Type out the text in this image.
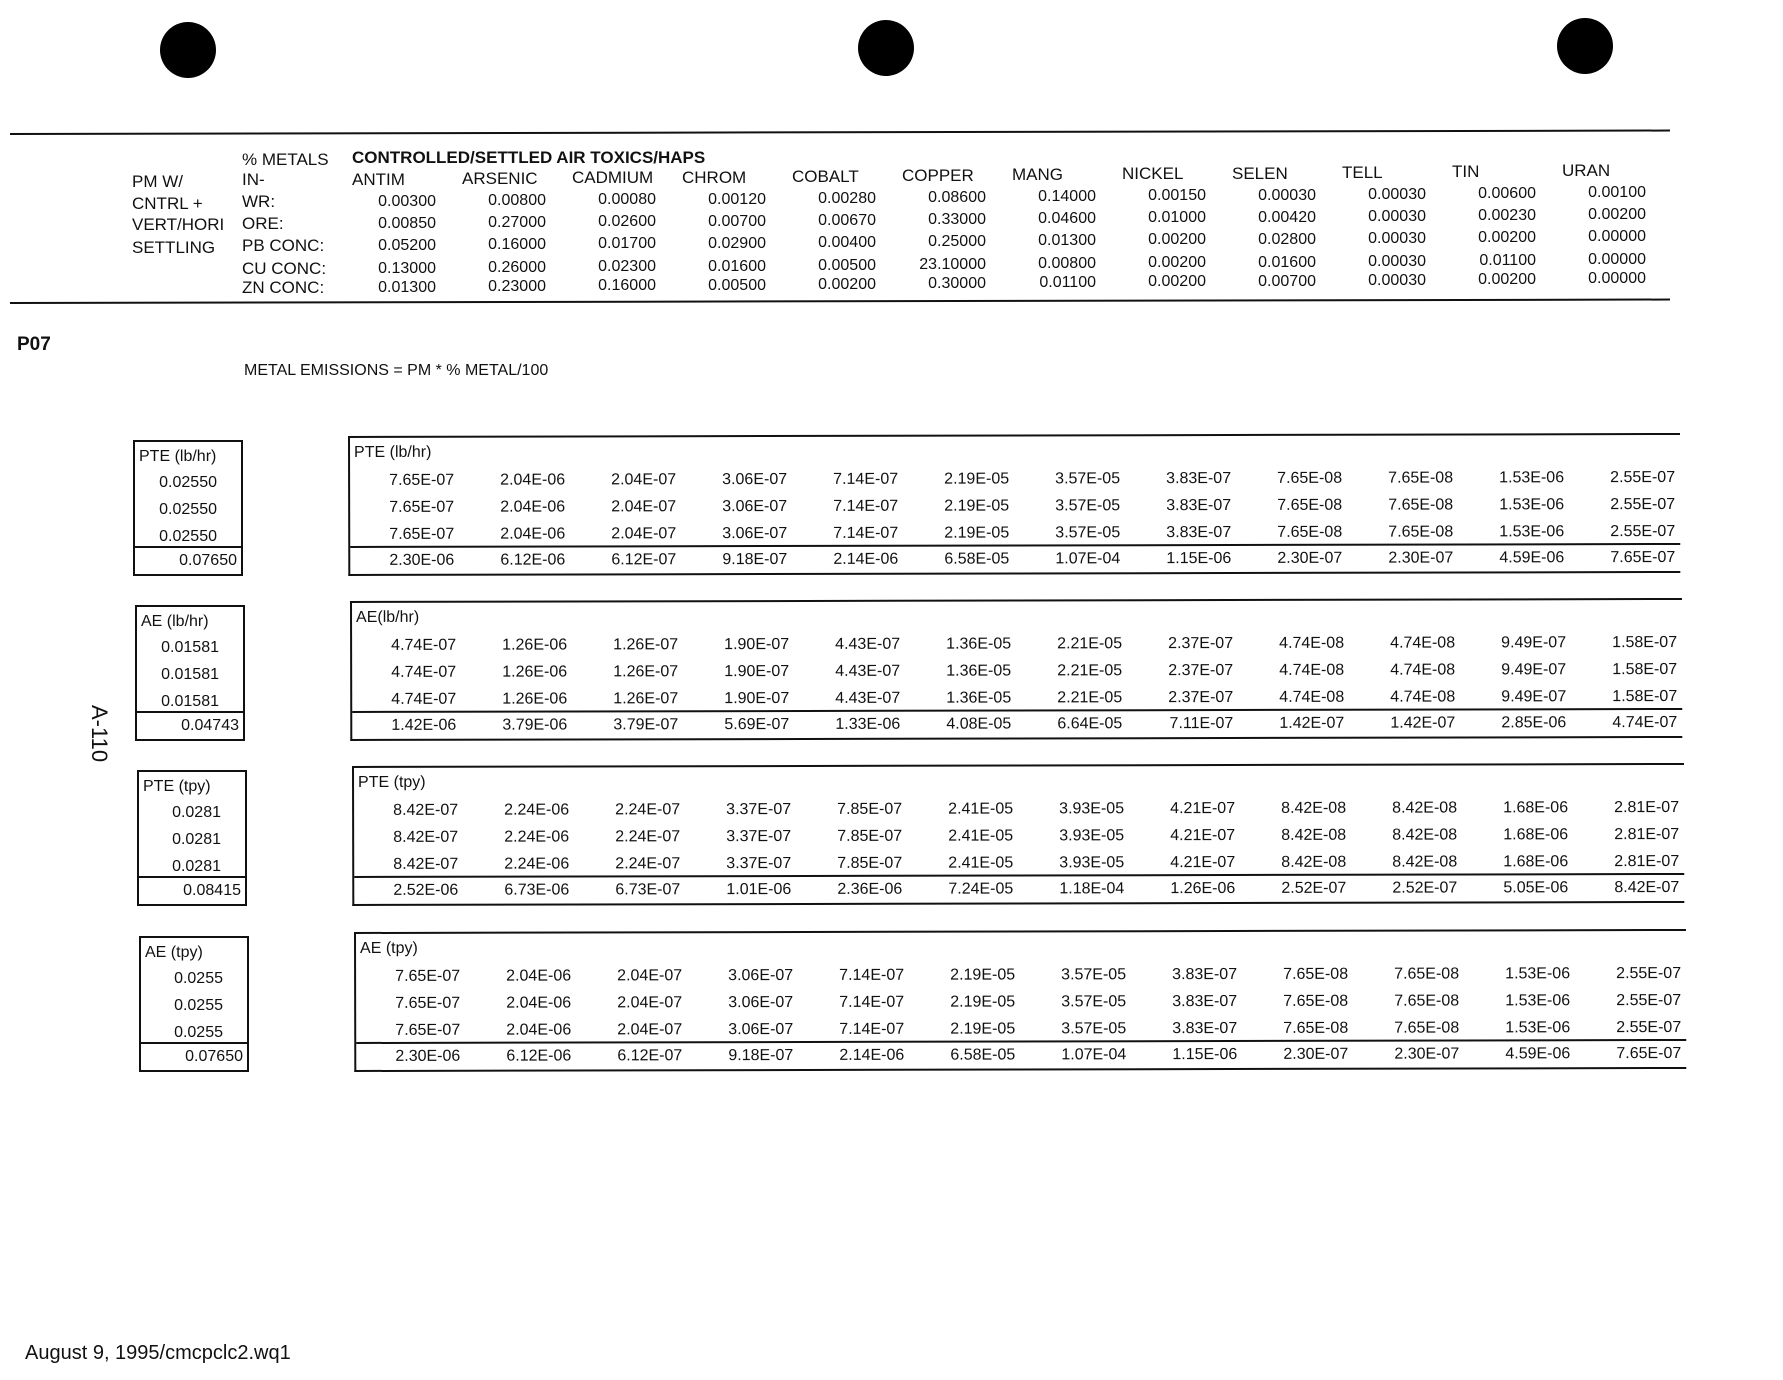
% METALS CONTROLLED/SETTLED AIR TOXICS/HAPS
IN-
PM W/
CNTRL +
VERT/HORI
SETTLING
ANTIM	ARSENIC CADMIUM CHROM	COBALT	COPPER MANG	NICKEL	SELEN	TELL	TIN	URAN
WR:	0.00300	0.00800	0.00080	0.00120	0.00280	0.08600	0.14000	0.00150	0.00030	0.00030	0.00600	0.00100
ORE:	0.00850	0.27000	0.02600	0.00700	0.00670	0.33000	0.04600	0.01000	0.00420	0.00030	0.00230	0.00200
PB CONC:	0.05200	0.16000	0.01700	0.02900	0.00400	0.25000	0.01300	0.00200	0.02800	0.00030	0.00200	0.00000
CU CONC:	0.13000	0.26000	0.02300	0.01600	0.00500	23.10000	0.00800	0.00200	0.01600	0.00030	0.01100	0.00000
ZN CONC:	0.01300	0.23000	0.16000	0.00500	0.00200	0.30000	0.01100	0.00200	0.00700	0.00030	0.00200	0.00000
P07
METAL EMISSIONS = PM * % METAL/100
A-110
PTE (lb/hr)
0.02550
0.02550
0.02550
0.07650
PTE (lb/hr)
7.65E-07	2.04E-06	2.04E-07	3.06E-07	7.14E-07	2.19E-05	3.57E-05	3.83E-07	7.65E-08	7.65E-08	1.53E-06	2.55E-07
7.65E-07	2.04E-06	2.04E-07	3.06E-07	7.14E-07	2.19E-05	3.57E-05	3.83E-07	7.65E-08	7.65E-08	1.53E-06	2.55E-07
7.65E-07	2.04E-06	2.04E-07	3.06E-07	7.14E-07	2.19E-05	3.57E-05	3.83E-07	7.65E-08	7.65E-08	1.53E-06	2.55E-07
2.30E-06	6.12E-06	6.12E-07	9.18E-07	2.14E-06	6.58E-05	1.07E-04	1.15E-06	2.30E-07	2.30E-07	4.59E-06	7.65E-07
AE (lb/hr)
0.01581
0.01581
0.01581
0.04743
AE(lb/hr)
4.74E-07	1.26E-06	1.26E-07	1.90E-07	4.43E-07	1.36E-05	2.21E-05	2.37E-07	4.74E-08	4.74E-08	9.49E-07	1.58E-07
4.74E-07	1.26E-06	1.26E-07	1.90E-07	4.43E-07	1.36E-05	2.21E-05	2.37E-07	4.74E-08	4.74E-08	9.49E-07	1.58E-07
4.74E-07	1.26E-06	1.26E-07	1.90E-07	4.43E-07	1.36E-05	2.21E-05	2.37E-07	4.74E-08	4.74E-08	9.49E-07	1.58E-07
1.42E-06	3.79E-06	3.79E-07	5.69E-07	1.33E-06	4.08E-05	6.64E-05	7.11E-07	1.42E-07	1.42E-07	2.85E-06	4.74E-07
PTE (tpy)
0.0281
0.0281
0.0281
0.08415
PTE (tpy)
8.42E-07	2.24E-06	2.24E-07	3.37E-07	7.85E-07	2.41E-05	3.93E-05	4.21E-07	8.42E-08	8.42E-08	1.68E-06	2.81E-07
8.42E-07	2.24E-06	2.24E-07	3.37E-07	7.85E-07	2.41E-05	3.93E-05	4.21E-07	8.42E-08	8.42E-08	1.68E-06	2.81E-07
8.42E-07	2.24E-06	2.24E-07	3.37E-07	7.85E-07	2.41E-05	3.93E-05	4.21E-07	8.42E-08	8.42E-08	1.68E-06	2.81E-07
2.52E-06	6.73E-06	6.73E-07	1.01E-06	2.36E-06	7.24E-05	1.18E-04	1.26E-06	2.52E-07	2.52E-07	5.05E-06	8.42E-07
AE (tpy)
0.0255
0.0255
0.0255
0.07650
AE (tpy)
7.65E-07	2.04E-06	2.04E-07	3.06E-07	7.14E-07	2.19E-05	3.57E-05	3.83E-07	7.65E-08	7.65E-08	1.53E-06	2.55E-07
7.65E-07	2.04E-06	2.04E-07	3.06E-07	7.14E-07	2.19E-05	3.57E-05	3.83E-07	7.65E-08	7.65E-08	1.53E-06	2.55E-07
7.65E-07	2.04E-06	2.04E-07	3.06E-07	7.14E-07	2.19E-05	3.57E-05	3.83E-07	7.65E-08	7.65E-08	1.53E-06	2.55E-07
2.30E-06	6.12E-06	6.12E-07	9.18E-07	2.14E-06	6.58E-05	1.07E-04	1.15E-06	2.30E-07	2.30E-07	4.59E-06	7.65E-07
August 9, 1995/cmcpclc2.wq1
